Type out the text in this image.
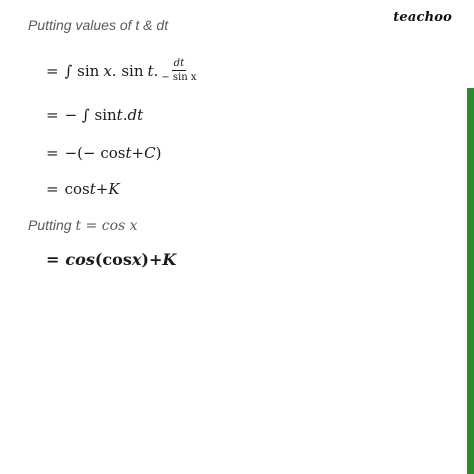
teachoo
Putting values of t & dt
= ∫ sin x . sin t . $\frac{dt}{\text{− sin x}}$
= − ∫ sin t . dt
= −(− cos t + C )
= cos t + K
Putting t = cos x
= cos (cos x ) + K
